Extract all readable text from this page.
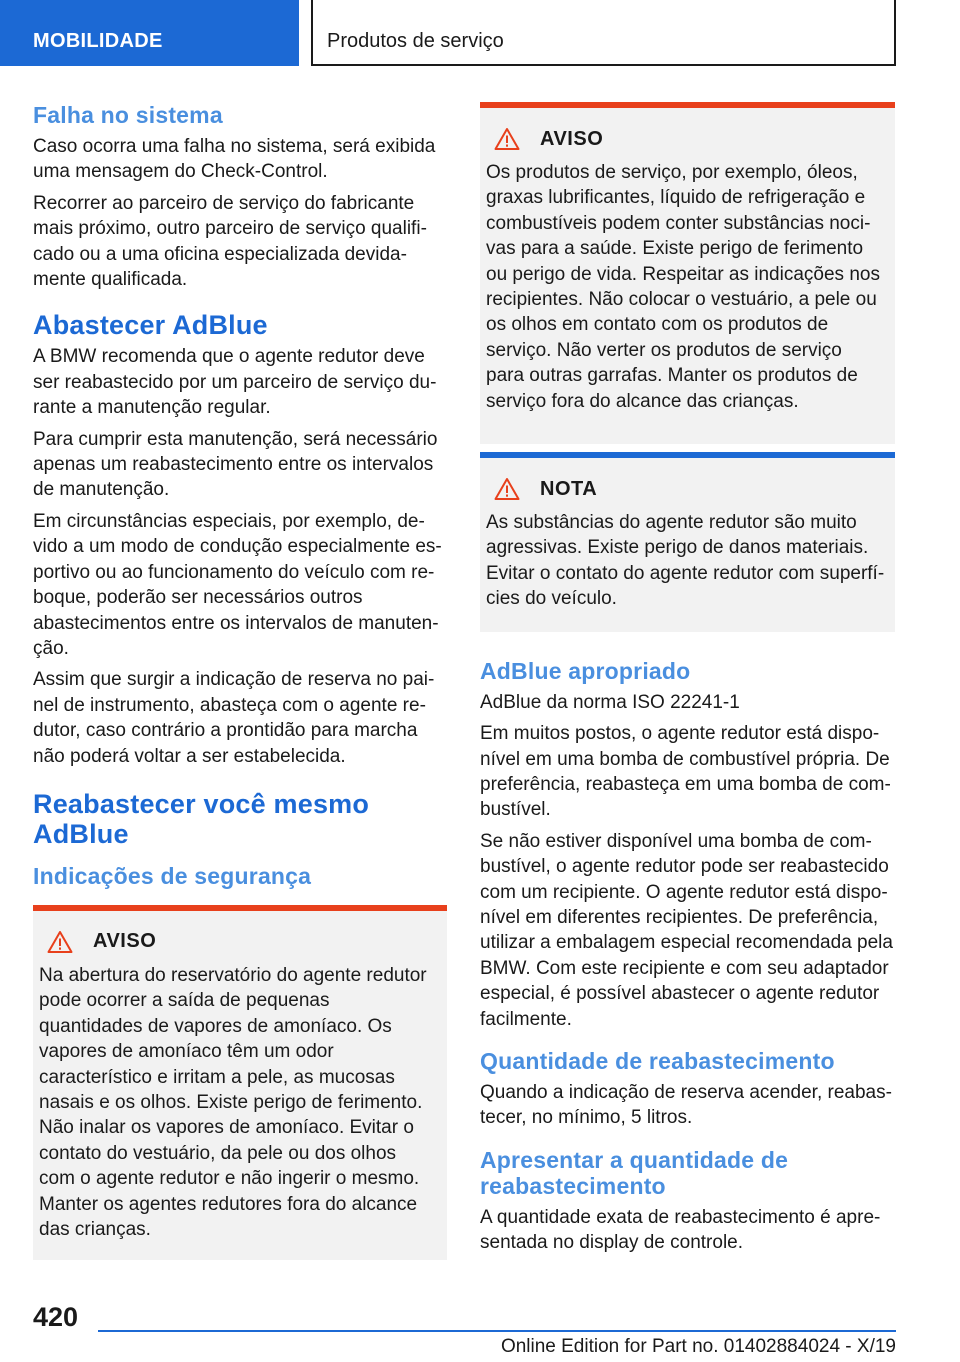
MOBILIDADE	Produtos de serviço
Falha no sistema

Caso ocorra uma falha no sistema, será exibida uma mensagem do Check-Control.

Recorrer ao parceiro de serviço do fabricante mais próximo, outro parceiro de serviço qualificado ou a uma oficina especializada devidamente qualificada.

Abastecer AdBlue

A BMW recomenda que o agente redutor deve ser reabastecido por um parceiro de serviço durante a manutenção regular.

Para cumprir esta manutenção, será necessário apenas um reabastecimento entre os intervalos de manutenção.

Em circunstâncias especiais, por exemplo, devido a um modo de condução especialmente esportivo ou ao funcionamento do veículo com reboque, poderão ser necessários outros abastecimentos entre os intervalos de manutenção.

Assim que surgir a indicação de reserva no painel de instrumento, abasteça com o agente redutor, caso contrário a prontidão para marcha não poderá voltar a ser estabelecida.

Reabastecer você mesmo AdBlue
Indicações de segurança
AVISO

Na abertura do reservatório do agente redutor pode ocorrer a saída de pequenas quantidades de vapores de amoníaco. Os vapores de amoníaco têm um odor característico e irritam a pele, as mucosas nasais e os olhos. Existe perigo de ferimento. Não inalar os vapores de amoníaco. Evitar o contato do vestuário, da pele ou dos olhos com o agente redutor e não ingerir o mesmo. Manter os agentes redutores fora do alcance das crianças.

AVISO

Os produtos de serviço, por exemplo, óleos, graxas lubrificantes, líquido de refrigeração e combustíveis podem conter substâncias nocivas para a saúde. Existe perigo de ferimento ou perigo de vida. Respeitar as indicações nos recipientes. Não colocar o vestuário, a pele ou os olhos em contato com os produtos de serviço. Não verter os produtos de serviço para outras garrafas. Manter os produtos de serviço fora do alcance das crianças.

NOTA

As substâncias do agente redutor são muito agressivas. Existe perigo de danos materiais. Evitar o contato do agente redutor com superfícies do veículo.

AdBlue apropriado

AdBlue da norma ISO 22241-1

Em muitos postos, o agente redutor está disponível em uma bomba de combustível própria. De preferência, reabasteça em uma bomba de combustível.

Se não estiver disponível uma bomba de combustível, o agente redutor pode ser reabastecido com um recipiente. O agente redutor está disponível em diferentes recipientes. De preferência, utilizar a embalagem especial recomendada pela BMW. Com este recipiente e com seu adaptador especial, é possível abastecer o agente redutor facilmente.

Quantidade de reabastecimento

Quando a indicação de reserva acender, reabastecer, no mínimo, 5 litros.

Apresentar a quantidade de reabastecimento

A quantidade exata de reabastecimento é apresentada no display de controle.

420
Online Edition for Part no. 01402884024 - X/19
